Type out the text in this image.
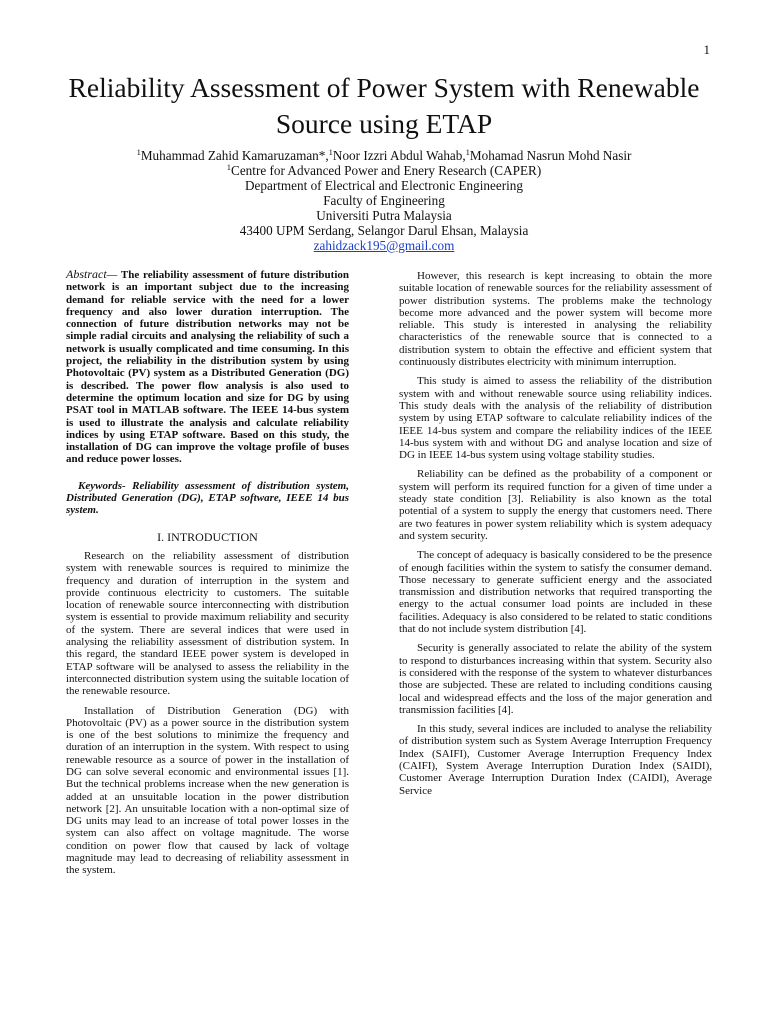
1
Reliability Assessment of Power System with Renewable Source using ETAP
$^1$Muhammad Zahid Kamaruzaman*,$^1$Noor Izzri Abdul Wahab,$^1$Mohamad Nasrun Mohd Nasir
$^1$Centre for Advanced Power and Enery Research (CAPER)
Department of Electrical and Electronic Engineering
Faculty of Engineering
Universiti Putra Malaysia
43400 UPM Serdang, Selangor Darul Ehsan, Malaysia
zahidzack195@gmail.com

Abstract— The reliability assessment of future distribution network is an important subject due to the increasing demand for reliable service with the need for a lower frequency and also lower duration interruption. The connection of future distribution networks may not be simple radial circuits and analysing the reliability of such a network is usually complicated and time consuming. In this project, the reliability in the distribution system by using Photovoltaic (PV) system as a Distributed Generation (DG) is described. The power flow analysis is also used to determine the optimum location and size for DG by using PSAT tool in MATLAB software. The IEEE 14-bus system is used to illustrate the analysis and calculate reliability indices by using ETAP software. Based on this study, the installation of DG can improve the voltage profile of buses and reduce power losses.

Keywords- Reliability assessment of distribution system, Distributed Generation (DG), ETAP software, IEEE 14 bus system.

I. INTRODUCTION

Research on the reliability assessment of distribution system with renewable sources is required to minimize the frequency and duration of interruption in the system and provide continuous electricity to customers. The suitable location of renewable source interconnecting with distribution system is essential to provide maximum reliability and security of the system. There are several indices that were used in analysing the reliability assessment of distribution system. In this regard, the standard IEEE power system is developed in ETAP software will be analysed to assess the reliability in the interconnected distribution system using the suitable location of the renewable resource.

Installation of Distribution Generation (DG) with Photovoltaic (PV) as a power source in the distribution system is one of the best solutions to minimize the frequency and duration of an interruption in the system. With respect to using renewable resource as a source of power in the installation of DG can solve several economic and environmental issues [1]. But the technical problems increase when the new generation is added at an unsuitable location in the power distribution network [2]. An unsuitable location with a non-optimal size of DG units may lead to an increase of total power losses in the system can also affect on voltage magnitude. The worse condition on power flow that caused by lack of voltage magnitude may lead to decreasing of reliability assessment in the system.

However, this research is kept increasing to obtain the more suitable location of renewable sources for the reliability assessment of power distribution systems. The problems make the technology become more advanced and the power system will become more reliable. This study is interested in analysing the reliability characteristics of the renewable source that is connected to a distribution system to obtain the effective and efficient system that continuously distributes electricity with minimum interruption.

This study is aimed to assess the reliability of the distribution system with and without renewable source using reliability indices. This study deals with the analysis of the reliability of distribution system by using ETAP software to calculate reliability indices of the IEEE 14-bus system and compare the reliability indices of the IEEE 14-bus system with and without DG and analyse location and size of DG in IEEE 14-bus system using voltage stability studies.

Reliability can be defined as the probability of a component or system will perform its required function for a given of time under a steady state condition [3]. Reliability is also known as the total potential of a system to supply the energy that customers need. There are two features in power system reliability which is system adequacy and system security.

The concept of adequacy is basically considered to be the presence of enough facilities within the system to satisfy the consumer demand. Those necessary to generate sufficient energy and the associated transmission and distribution networks that required transporting the energy to the actual consumer load points are included in these facilities. Adequacy is also considered to be related to static conditions that do not include system distribution [4].

Security is generally associated to relate the ability of the system to respond to disturbances increasing within that system. Security also is considered with the response of the system to whatever disturbances those are subjected. These are related to including conditions causing local and widespread effects and the loss of the major generation and transmission facilities [4].

In this study, several indices are included to analyse the reliability of distribution system such as System Average Interruption Frequency Index (SAIFI), Customer Average Interruption Frequency Index (CAIFI), System Average Interruption Duration Index (SAIDI), Customer Average Interruption Duration Index (CAIDI), Average Service
